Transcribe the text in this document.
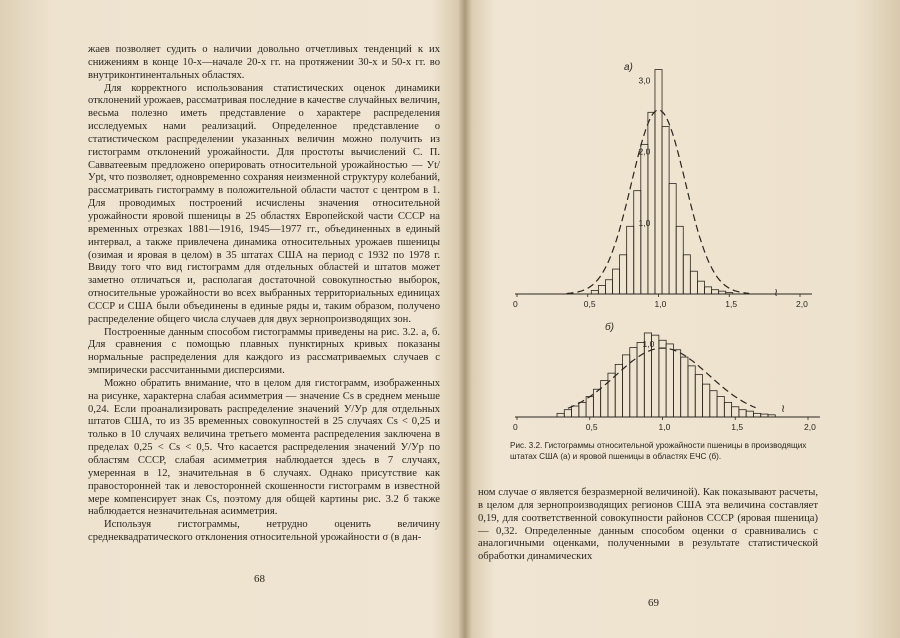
жаев позволяет судить о наличии довольно отчетливых тенденций к их снижениям в конце 10-х—начале 20-х гг. на протяжении 30-х и 50-х гг. во внутриконтинентальных областях.

Для корректного использования статистических оценок динамики отклонений урожаев, рассматривая последние в качестве случайных величин, весьма полезно иметь представление о характере распределения исследуемых нами реализаций. Определенное представление о статистическом распределении указанных величин можно получить из гистограмм отклонений урожайности. Для простоты вычислений С. П. Савватеевым предложено оперировать относительной урожайностью — Уt/Уpt, что позволяет, одновременно сохраняя неизменной структуру колебаний, рассматривать гистограмму в положительной области частот с центром в 1. Для проводимых построений исчислены значения относительной урожайности яровой пшеницы в 25 областях Европейской части СССР на временных отрезках 1881—1916, 1945—1977 гг., объединенных в единый интервал, а также привлечена динамика относительных урожаев пшеницы (озимая и яровая в целом) в 35 штатах США на период с 1932 по 1978 г. Ввиду того что вид гистограмм для отдельных областей и штатов может заметно отличаться и, располагая достаточной совокупностью выборок, относительные урожайности во всех выбранных территориальных единицах СССР и США были объединены в единые ряды и, таким образом, получено распределение общего числа случаев для двух зернопроизводящих зон.

Построенные данным способом гистограммы приведены на рис. 3.2. а, б. Для сравнения с помощью плавных пунктирных кривых показаны нормальные распределения для каждого из рассматриваемых случаев с эмпирически рассчитанными дисперсиями.

Можно обратить внимание, что в целом для гистограмм, изображенных на рисунке, характерна слабая асимметрия — значение Cs в среднем меньше 0,24. Если проанализировать распределение значений У/Уp для отдельных штатов США, то из 35 временных совокупностей в 25 случаях Cs < 0,25 и только в 10 случаях величина третьего момента распределения заключена в пределах 0,25 < Cs < 0,5. Что касается распределения значений У/Уp по областям СССР, слабая асимметрия наблюдается здесь в 7 случаях, умеренная в 12, значительная в 6 случаях. Однако присутствие как правосторонней так и левосторонней скошенности гистограмм в известной мере компенсирует знак Cs, поэтому для общей картины рис. 3.2 б также наблюдается незначительная асимметрия.

Используя гистограммы, нетрудно оценить величину среднеквадратического отклонения относительной урожайности σ (в дан-

68
0	0,5	1,0	1,5	2,0
1,0
2,0
3,0
0	0,5	1,0	1,5	2,0
1,0
а)
б)
≀
≀
Рис. 3.2. Гистограммы относительной урожайности пшеницы в производящих штатах США (а) и яровой пшеницы в областях ЕЧС (б).

ном случае σ является безразмерной величиной). Как показывают расчеты, в целом для зернопроизводящих регионов США эта величина составляет 0,19, для соответственной совокупности районов СССР (яровая пшеница) — 0,32. Определенные данным способом оценки σ сравнивались с аналогичными оценками, полученными в результате статистической обработки динамических

69
